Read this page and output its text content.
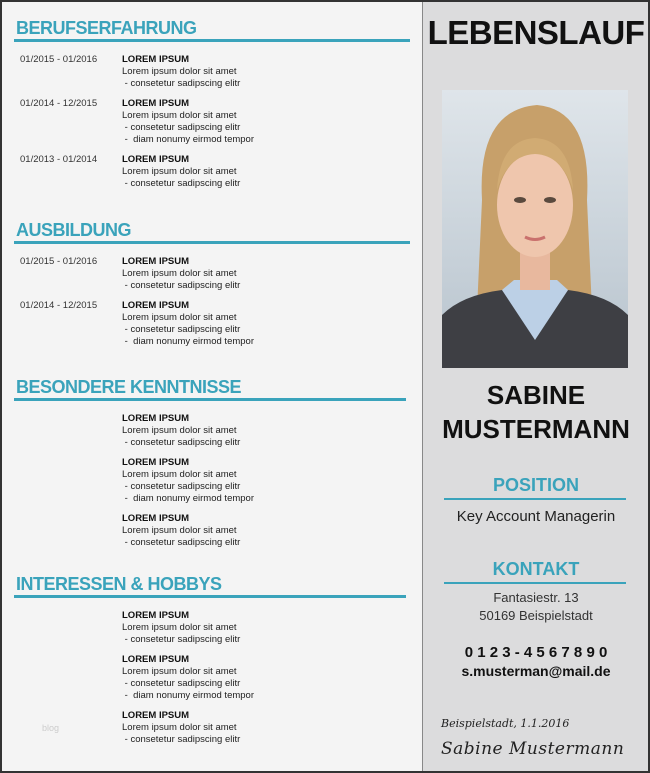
BERUFSERFAHRUNG
01/2015 - 01/2016	LOREM IPSUM
Lorem ipsum dolor sit amet
- consetetur sadipscing elitr
01/2014 - 12/2015	LOREM IPSUM
Lorem ipsum dolor sit amet
- consetetur sadipscing elitr
-  diam nonumy eirmod tempor
01/2013 - 01/2014	LOREM IPSUM
Lorem ipsum dolor sit amet
- consetetur sadipscing elitr
AUSBILDUNG
01/2015 - 01/2016	LOREM IPSUM
Lorem ipsum dolor sit amet
- consetetur sadipscing elitr
01/2014 - 12/2015	LOREM IPSUM
Lorem ipsum dolor sit amet
- consetetur sadipscing elitr
-  diam nonumy eirmod tempor
BESONDERE KENNTNISSE
LOREM IPSUM
Lorem ipsum dolor sit amet
- consetetur sadipscing elitr
LOREM IPSUM
Lorem ipsum dolor sit amet
- consetetur sadipscing elitr
-  diam nonumy eirmod tempor
LOREM IPSUM
Lorem ipsum dolor sit amet
- consetetur sadipscing elitr
INTERESSEN & HOBBYS
LOREM IPSUM
Lorem ipsum dolor sit amet
- consetetur sadipscing elitr
LOREM IPSUM
Lorem ipsum dolor sit amet
- consetetur sadipscing elitr
-  diam nonumy eirmod tempor
LOREM IPSUM
Lorem ipsum dolor sit amet
- consetetur sadipscing elitr
blog
LEBENSLAUF
SABINE
MUSTERMANN
POSITION
Key Account Managerin
KONTAKT
Fantasiestr. 13
50169 Beispielstadt
0 1 2 3 - 4 5 6 7 8 9 0
s.musterman@mail.de
Beispielstadt, 1.1.2016
Sabine Mustermann
